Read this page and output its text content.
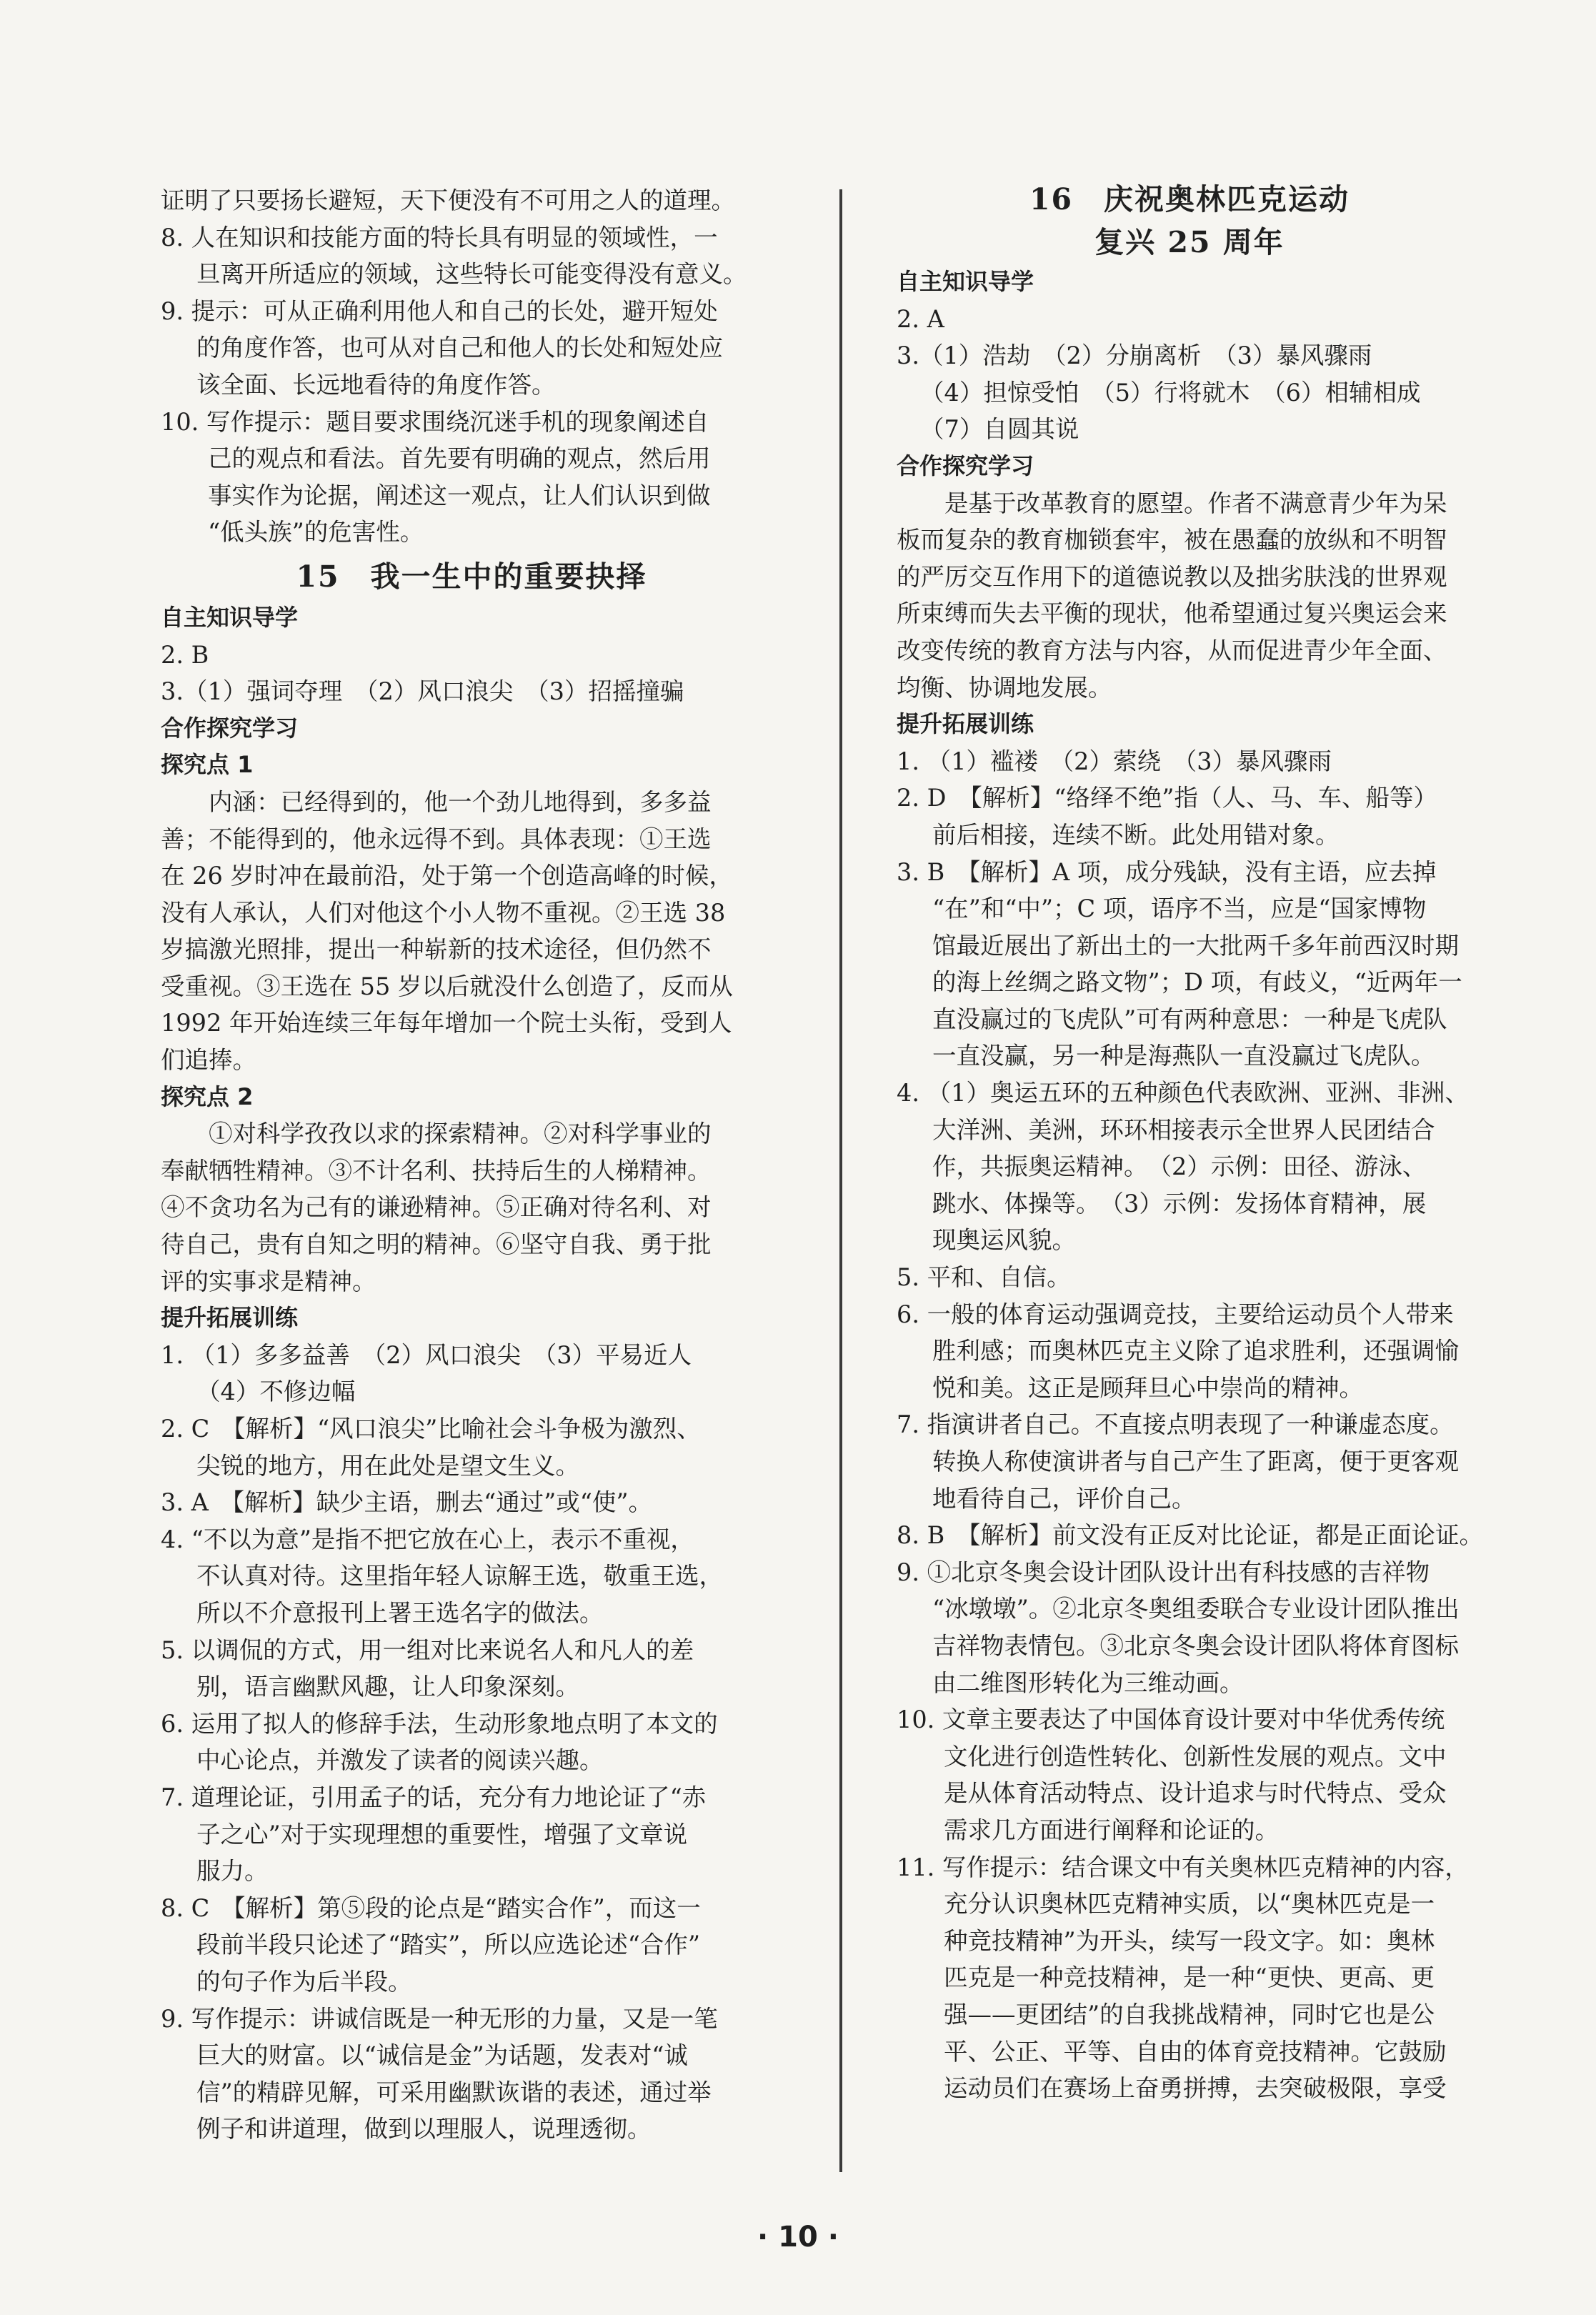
证明了只要扬长避短，天下便没有不可用之人的道理。
8. 人在知识和技能方面的特长具有明显的领域性，一
旦离开所适应的领域，这些特长可能变得没有意义。
9. 提示：可从正确利用他人和自己的长处，避开短处
的角度作答，也可从对自己和他人的长处和短处应
该全面、长远地看待的角度作答。
10. 写作提示：题目要求围绕沉迷手机的现象阐述自
己的观点和看法。首先要有明确的观点，然后用
事实作为论据，阐述这一观点，让人们认识到做
“低头族”的危害性。
15　我一生中的重要抉择
自主知识导学
2. B
3.（1）强词夺理　（2）风口浪尖　（3）招摇撞骗
合作探究学习
探究点 1
内涵：已经得到的，他一个劲儿地得到，多多益
善；不能得到的，他永远得不到。具体表现：①王选
在 26 岁时冲在最前沿，处于第一个创造高峰的时候，
没有人承认，人们对他这个小人物不重视。②王选 38
岁搞激光照排，提出一种崭新的技术途径，但仍然不
受重视。③王选在 55 岁以后就没什么创造了，反而从
1992 年开始连续三年每年增加一个院士头衔，受到人
们追捧。
探究点 2
①对科学孜孜以求的探索精神。②对科学事业的
奉献牺牲精神。③不计名利、扶持后生的人梯精神。
④不贪功名为己有的谦逊精神。⑤正确对待名利、对
待自己，贵有自知之明的精神。⑥坚守自我、勇于批
评的实事求是精神。
提升拓展训练
1. （1）多多益善　（2）风口浪尖　（3）平易近人
（4）不修边幅
2. C　【解析】“风口浪尖”比喻社会斗争极为激烈、
尖锐的地方，用在此处是望文生义。
3. A　【解析】缺少主语，删去“通过”或“使”。
4. “不以为意”是指不把它放在心上，表示不重视，
不认真对待。这里指年轻人谅解王选，敬重王选，
所以不介意报刊上署王选名字的做法。
5. 以调侃的方式，用一组对比来说名人和凡人的差
别，语言幽默风趣，让人印象深刻。
6. 运用了拟人的修辞手法，生动形象地点明了本文的
中心论点，并激发了读者的阅读兴趣。
7. 道理论证，引用孟子的话，充分有力地论证了“赤
子之心”对于实现理想的重要性，增强了文章说
服力。
8. C　【解析】第⑤段的论点是“踏实合作”，而这一
段前半段只论述了“踏实”，所以应选论述“合作”
的句子作为后半段。
9. 写作提示：讲诚信既是一种无形的力量，又是一笔
巨大的财富。以“诚信是金”为话题，发表对“诚
信”的精辟见解，可采用幽默诙谐的表述，通过举
例子和讲道理，做到以理服人，说理透彻。
16　庆祝奥林匹克运动
复兴 25 周年
自主知识导学
2. A
3.（1）浩劫　（2）分崩离析　（3）暴风骤雨
（4）担惊受怕　（5）行将就木　（6）相辅相成
（7）自圆其说
合作探究学习
是基于改革教育的愿望。作者不满意青少年为呆
板而复杂的教育枷锁套牢，被在愚蠢的放纵和不明智
的严厉交互作用下的道德说教以及拙劣肤浅的世界观
所束缚而失去平衡的现状，他希望通过复兴奥运会来
改变传统的教育方法与内容，从而促进青少年全面、
均衡、协调地发展。
提升拓展训练
1. （1）褴褛　（2）萦绕　（3）暴风骤雨
2. D　【解析】“络绎不绝”指（人、马、车、船等）
前后相接，连续不断。此处用错对象。
3. B　【解析】A 项，成分残缺，没有主语，应去掉
“在”和“中”；C 项，语序不当，应是“国家博物
馆最近展出了新出土的一大批两千多年前西汉时期
的海上丝绸之路文物”；D 项，有歧义，“近两年一
直没赢过的飞虎队”可有两种意思：一种是飞虎队
一直没赢，另一种是海燕队一直没赢过飞虎队。
4. （1）奥运五环的五种颜色代表欧洲、亚洲、非洲、
大洋洲、美洲，环环相接表示全世界人民团结合
作，共振奥运精神。　（2）示例：田径、游泳、
跳水、体操等。　（3）示例：发扬体育精神，展
现奥运风貌。
5. 平和、自信。
6. 一般的体育运动强调竞技，主要给运动员个人带来
胜利感；而奥林匹克主义除了追求胜利，还强调愉
悦和美。这正是顾拜旦心中崇尚的精神。
7. 指演讲者自己。不直接点明表现了一种谦虚态度。
转换人称使演讲者与自己产生了距离，便于更客观
地看待自己，评价自己。
8. B　【解析】前文没有正反对比论证，都是正面论证。
9. ①北京冬奥会设计团队设计出有科技感的吉祥物
“冰墩墩”。②北京冬奥组委联合专业设计团队推出
吉祥物表情包。③北京冬奥会设计团队将体育图标
由二维图形转化为三维动画。
10. 文章主要表达了中国体育设计要对中华优秀传统
文化进行创造性转化、创新性发展的观点。文中
是从体育活动特点、设计追求与时代特点、受众
需求几方面进行阐释和论证的。
11. 写作提示：结合课文中有关奥林匹克精神的内容，
充分认识奥林匹克精神实质，以“奥林匹克是一
种竞技精神”为开头，续写一段文字。如：奥林
匹克是一种竞技精神，是一种“更快、更高、更
强——更团结”的自我挑战精神，同时它也是公
平、公正、平等、自由的体育竞技精神。它鼓励
运动员们在赛场上奋勇拼搏，去突破极限，享受
· 10 ·
